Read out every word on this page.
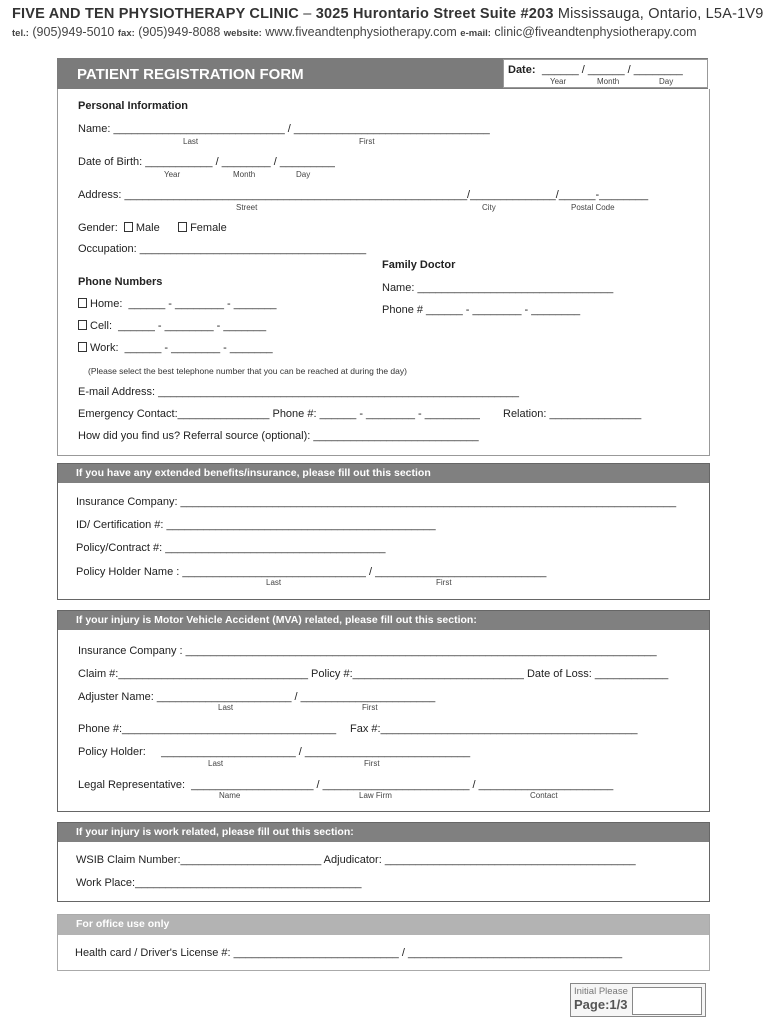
FIVE AND TEN PHYSIOTHERAPY CLINIC – 3025 Hurontario Street Suite #203 Mississauga, Ontario, L5A-1V9
tel.: (905)949-5010 fax: (905)949-8088 website: www.fiveandtenphysiotherapy.com e-mail: clinic@fiveandtenphysiotherapy.com
PATIENT REGISTRATION FORM	Date: ______ / ______ / ________
Year	Month	Day
Personal Information
Name: ____________________________ / ________________________________
Last	First
Date of Birth: ___________ / ________ / _________
Year	Month	Day
Address: ________________________________________________________/______________/______-________
Street	City	Postal Code
Gender: Male	Female
Occupation: _____________________________________
Phone Numbers
Home: ______ - ________ - _______
Cell: ______ - ________ - _______
Work: ______ - ________ - _______
(Please select the best telephone number that you can be reached at during the day)
Family Doctor
Name: ________________________________
Phone # ______ - ________ - ________
E-mail Address: ___________________________________________________________
Emergency Contact:_______________ Phone #: ______ - ________ - _________ Relation: _______________
How did you find us? Referral source (optional): ___________________________
If you have any extended benefits/insurance, please fill out this section
Insurance Company: _________________________________________________________________________________
ID/ Certification #: ____________________________________________
Policy/Contract #: ____________________________________
Policy Holder Name : ______________________________ / ____________________________
Last	First
If your injury is Motor Vehicle Accident (MVA) related, please fill out this section:
Insurance Company : _____________________________________________________________________________
Claim #:_______________________________ Policy #:____________________________ Date of Loss: ____________
Adjuster Name: ______________________ / ______________________
Last	First
Phone #:___________________________________ Fax #:__________________________________________
Policy Holder:     ______________________ / ___________________________
Last	First
Legal Representative:  ____________________ / ________________________ / ______________________
Name	Law Firm	Contact
If your injury is work related, please fill out this section:
WSIB Claim Number:_______________________ Adjudicator: _________________________________________
Work Place:_____________________________________
For office use only
Health card / Driver's License #: ___________________________ / ___________________________________
Initial Please
Page:1/3
